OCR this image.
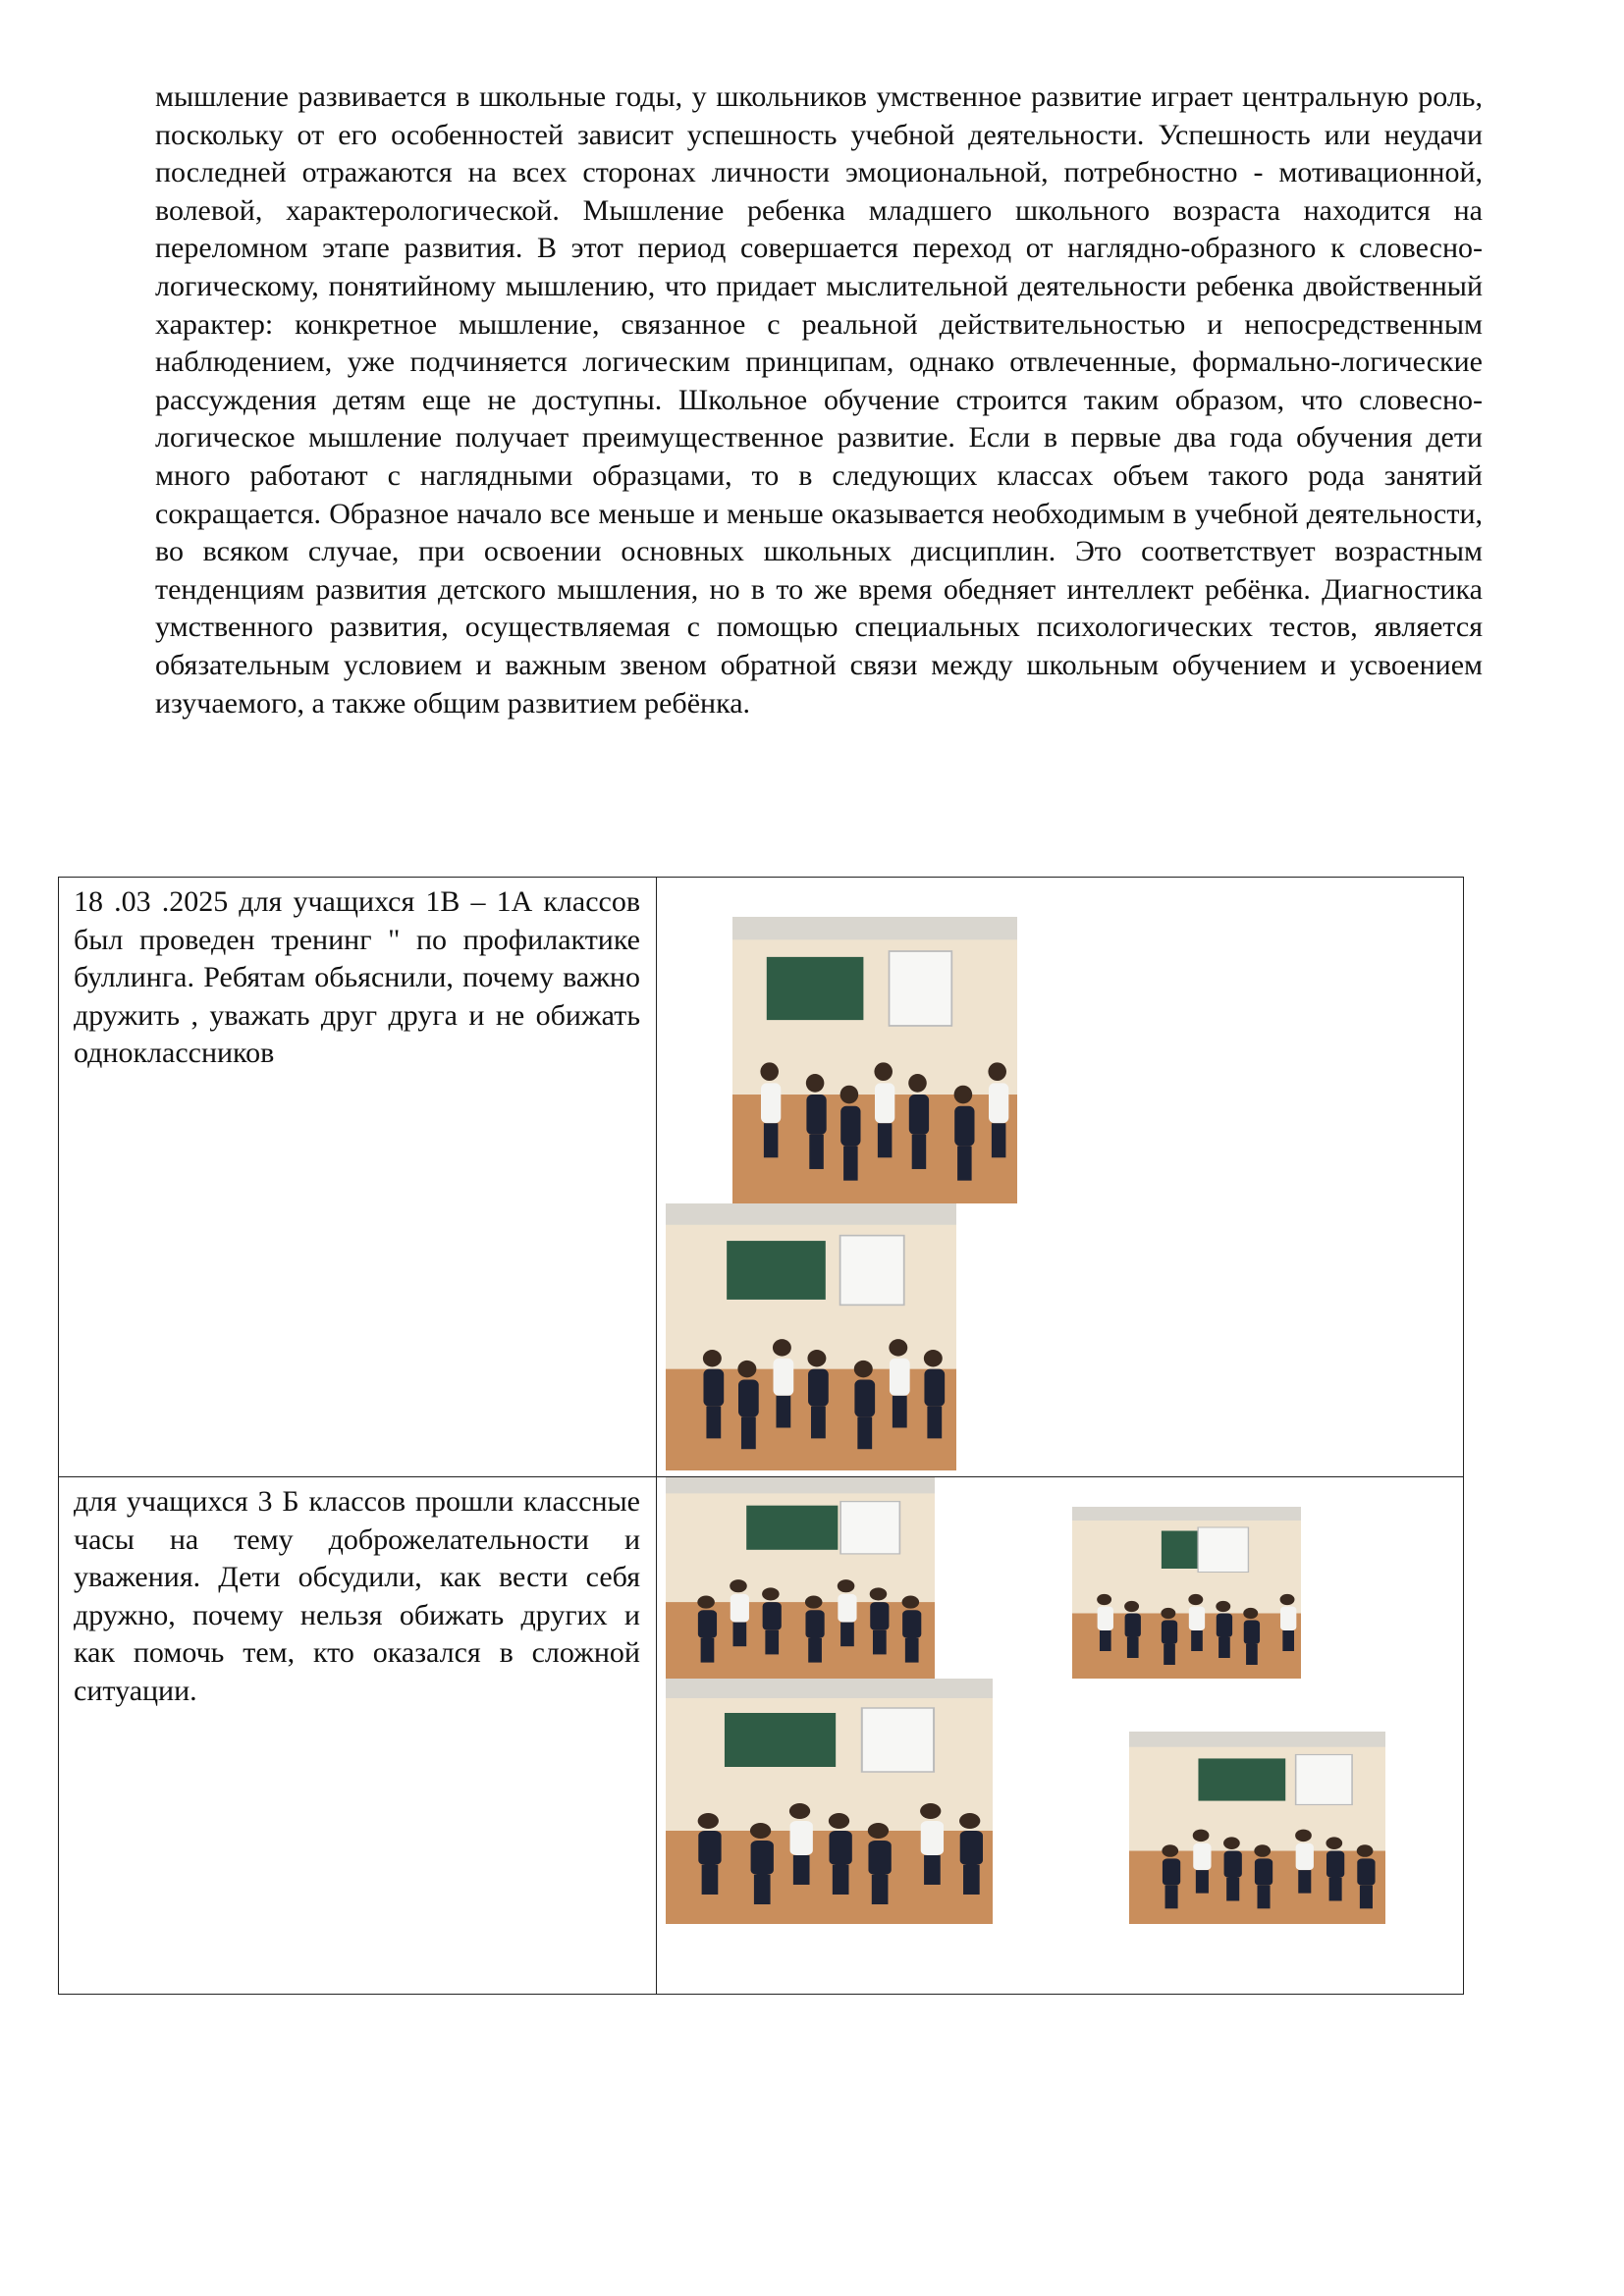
мышление развивается в школьные годы, у школьников умственное развитие играет центральную роль, поскольку от его особенностей зависит успешность учебной деятельности. Успешность или неудачи последней отражаются на всех сторонах личности эмоциональной, потребностно - мотивационной, волевой, характерологической. Мышление ребенка младшего школьного возраста находится на переломном этапе развития. В этот период совершается переход от наглядно-образного к словесно-логическому, понятийному мышлению, что придает мыслительной деятельности ребенка двойственный характер: конкретное мышление, связанное с реальной действительностью и непосредственным наблюдением, уже подчиняется логическим принципам, однако отвлеченные, формально-логические рассуждения детям еще не доступны. Школьное обучение строится таким образом, что словесно-логическое мышление получает преимущественное развитие. Если в первые два года обучения дети много работают с наглядными образцами, то в следующих классах объем такого рода занятий сокращается. Образное начало все меньше и меньше оказывается необходимым в учебной деятельности, во всяком случае, при освоении основных школьных дисциплин. Это соответствует возрастным тенденциям развития детского мышления, но в то же время обедняет интеллект ребёнка. Диагностика умственного развития, осуществляемая с помощью специальных психологических тестов, является обязательным условием и важным звеном обратной связи между школьным обучением и усвоением изучаемого, а также общим развитием ребёнка.

18 .03 .2025 для учащихся 1В – 1А классов был проведен тренинг " по профилактике буллинга. Ребятам обьяснили, почему важно дружить , уважать друг друга и не обижать одноклассников	

для учащихся 3 Б классов прошли классные часы на тему доброжелательности и уважения. Дети обсудили, как вести себя дружно, почему нельзя обижать других и как помочь тем, кто оказался в сложной ситуации.	
